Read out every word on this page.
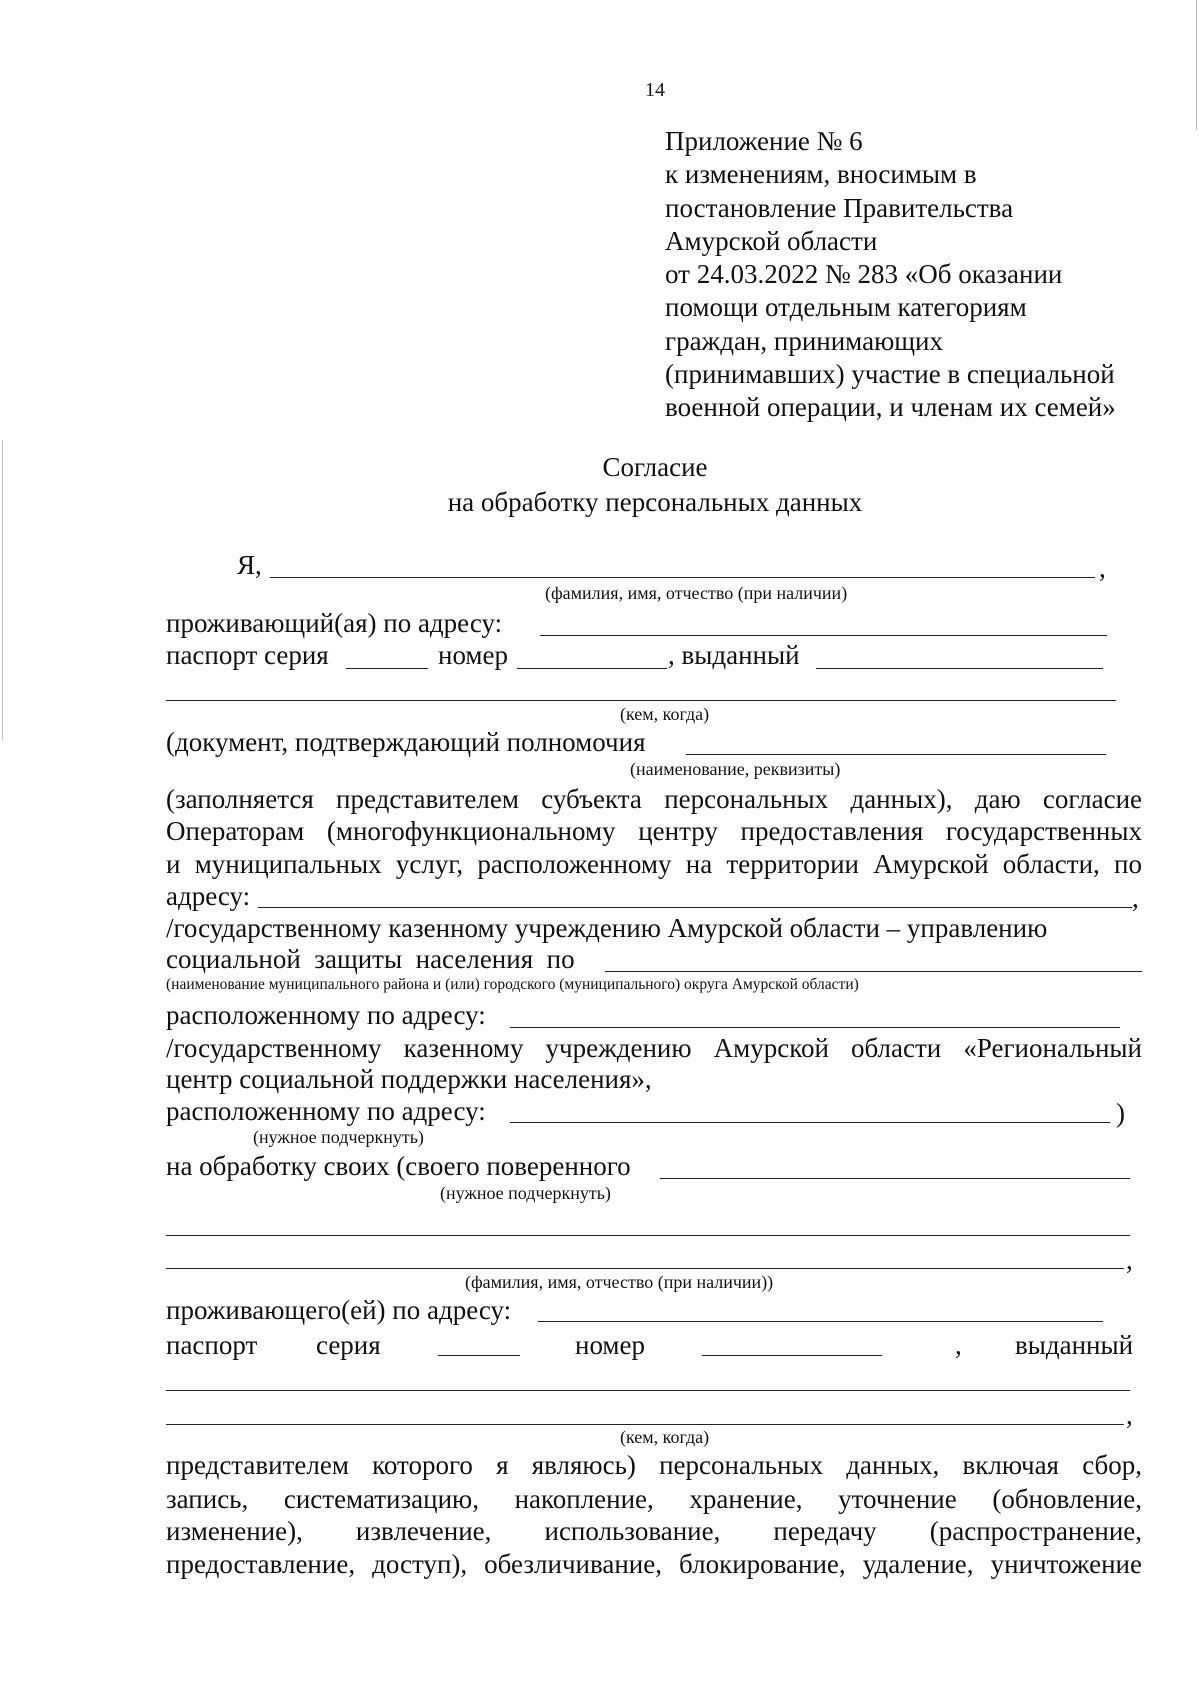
14
Приложение № 6
к изменениям, вносимым в
постановление Правительства
Амурской области
от 24.03.2022 № 283 «Об оказании
помощи отдельным категориям
граждан, принимающих
(принимавших) участие в специальной
военной операции, и членам их семей»
Согласие
на обработку персональных данных
Я,	,
(фамилия, имя, отчество (при наличии)
проживающий(ая) по адресу:
паспорт серия	номер	, выданный
(кем, когда)
(документ, подтверждающий полномочия
(наименование, реквизиты)
(заполняется представителем субъекта персональных данных), даю согласие
Операторам (многофункциональному центру предоставления государственных
и муниципальных услуг, расположенному на территории Амурской области, по
адресу:	,
/государственному казенному учреждению Амурской области – управлению
социальной  защиты  населения  по
(наименование муниципального района и (или) городского (муниципального) округа Амурской области)
расположенному по адресу:
/государственному казенному учреждению Амурской области «Региональный
центр социальной поддержки населения»,
расположенному по адресу:	)
(нужное подчеркнуть)
на обработку своих (своего поверенного
(нужное подчеркнуть)
,
(фамилия, имя, отчество (при наличии))
проживающего(ей) по адресу:
паспорт серия	номер	, выданный
,
(кем, когда)
представителем которого я являюсь) персональных данных, включая сбор,
запись, систематизацию, накопление, хранение, уточнение (обновление,
изменение), извлечение, использование, передачу (распространение,
предоставление, доступ), обезличивание, блокирование, удаление, уничтожение
